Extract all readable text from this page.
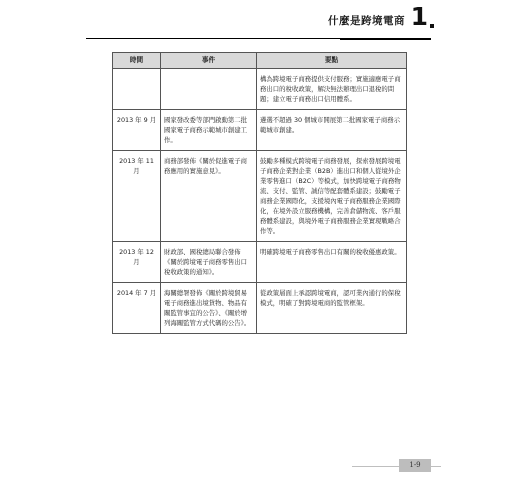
什麼是跨境電商 1
時間	事件	要點
		構為跨境電子商務提供支付服務；實施適應電子商務出口的稅收政策，解決無法辦理出口退稅的問題；建立電子商務出口信用體系。
2013 年 9 月	國家發改委等部門啟動第二批國家電子商務示範城市創建工作。	遴選不超過 30 個城市開展第二批國家電子商務示範城市創建。
2013 年 11 月	商務部發佈《關於促進電子商務應用的實施意見》。	鼓勵多種模式跨境電子商務發展，探索發展跨境電子商務企業對企業（B2B）進出口和個人從境外企業零售進口（B2C）等模式，加快跨境電子商務物流、支付、監管、誠信等配套體系建設；鼓勵電子商務企業國際化，支援境內電子商務服務企業國際化，在境外設立服務機構，完善倉儲物流、客戶服務體系建設，與境外電子商務服務企業實現戰略合作等。
2013 年 12 月	財政部、國稅總局聯合發佈《關於跨境電子商務零售出口稅收政策的通知》。	明確跨境電子商務零售出口有關的稅收優惠政策。
2014 年 7 月	海關總署發佈《關於跨境貿易電子商務進出境貨物、物品有關監管事宜的公告》、《關於增列海關監管方式代碼的公告》。	從政策層面上承認跨境電商，認可業內通行的保稅模式，明確了對跨境電商的監管框架。
1-9
